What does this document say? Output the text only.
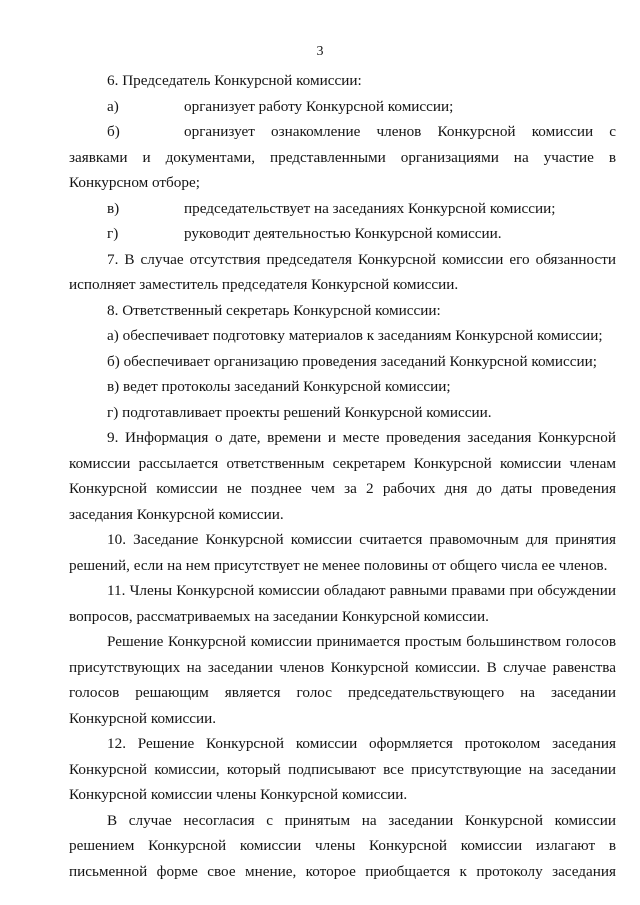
3

6. Председатель Конкурсной комиссии:

а)	организует работу Конкурсной комиссии;

б)	организует ознакомление членов Конкурсной комиссии с заявками и документами, представленными организациями на участие в Конкурсном отборе;

в)	председательствует на заседаниях Конкурсной комиссии;

г)	руководит деятельностью Конкурсной комиссии.

7. В случае отсутствия председателя Конкурсной комиссии его обязанности исполняет заместитель председателя Конкурсной комиссии.

8. Ответственный секретарь Конкурсной комиссии:

а) обеспечивает подготовку материалов к заседаниям Конкурсной комиссии;

б) обеспечивает организацию проведения заседаний Конкурсной комиссии;

в) ведет протоколы заседаний Конкурсной комиссии;

г) подготавливает проекты решений Конкурсной комиссии.

9. Информация о дате, времени и месте проведения заседания Конкурсной комиссии рассылается ответственным секретарем Конкурсной комиссии членам Конкурсной комиссии не позднее чем за 2 рабочих дня до даты проведения заседания Конкурсной комиссии.

10. Заседание Конкурсной комиссии считается правомочным для принятия решений, если на нем присутствует не менее половины от общего числа ее членов.

11. Члены Конкурсной комиссии обладают равными правами при обсуждении вопросов, рассматриваемых на заседании Конкурсной комиссии.

Решение Конкурсной комиссии принимается простым большинством голосов присутствующих на заседании членов Конкурсной комиссии. В случае равенства голосов решающим является голос председательствующего на заседании Конкурсной комиссии.

12. Решение Конкурсной комиссии оформляется протоколом заседания Конкурсной комиссии, который подписывают все присутствующие на заседании Конкурсной комиссии члены Конкурсной комиссии.

В случае несогласия с принятым на заседании Конкурсной комиссии решением Конкурсной комиссии члены Конкурсной комиссии излагают в письменной форме свое мнение, которое приобщается к протоколу заседания
